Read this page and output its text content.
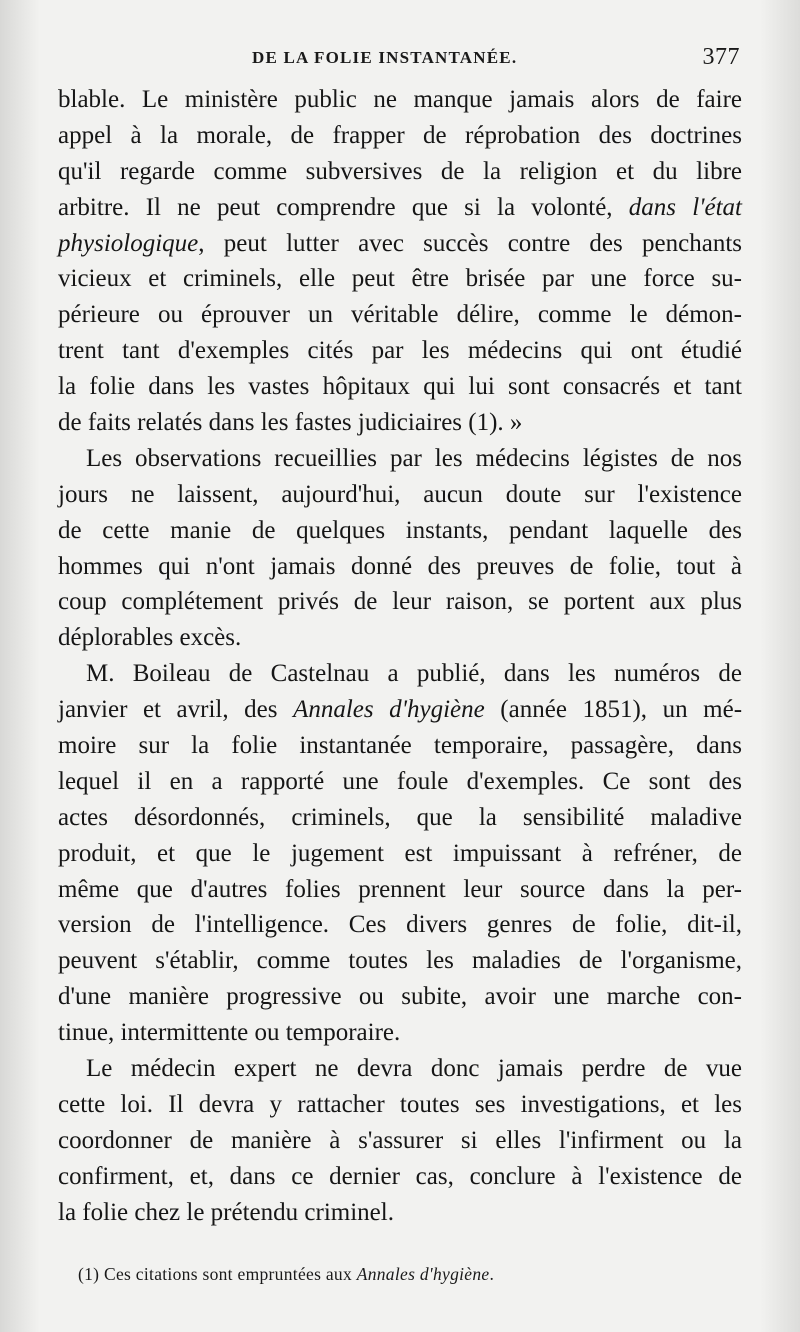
DE LA FOLIE INSTANTANÉE.	377
blable. Le ministère public ne manque jamais alors de faire
appel à la morale, de frapper de réprobation des doctrines
qu'il regarde comme subversives de la religion et du libre
arbitre. Il ne peut comprendre que si la volonté, dans l'état
physiologique, peut lutter avec succès contre des penchants
vicieux et criminels, elle peut être brisée par une force su-
périeure ou éprouver un véritable délire, comme le démon-
trent tant d'exemples cités par les médecins qui ont étudié
la folie dans les vastes hôpitaux qui lui sont consacrés et tant
de faits relatés dans les fastes judiciaires (1). »
Les observations recueillies par les médecins légistes de nos
jours ne laissent, aujourd'hui, aucun doute sur l'existence
de cette manie de quelques instants, pendant laquelle des
hommes qui n'ont jamais donné des preuves de folie, tout à
coup complétement privés de leur raison, se portent aux plus
déplorables excès.
M. Boileau de Castelnau a publié, dans les numéros de
janvier et avril, des Annales d'hygiène (année 1851), un mé-
moire sur la folie instantanée temporaire, passagère, dans
lequel il en a rapporté une foule d'exemples. Ce sont des
actes désordonnés, criminels, que la sensibilité maladive
produit, et que le jugement est impuissant à refréner, de
même que d'autres folies prennent leur source dans la per-
version de l'intelligence. Ces divers genres de folie, dit-il,
peuvent s'établir, comme toutes les maladies de l'organisme,
d'une manière progressive ou subite, avoir une marche con-
tinue, intermittente ou temporaire.
Le médecin expert ne devra donc jamais perdre de vue
cette loi. Il devra y rattacher toutes ses investigations, et les
coordonner de manière à s'assurer si elles l'infirment ou la
confirment, et, dans ce dernier cas, conclure à l'existence de
la folie chez le prétendu criminel.
(1) Ces citations sont empruntées aux Annales d'hygiène.
